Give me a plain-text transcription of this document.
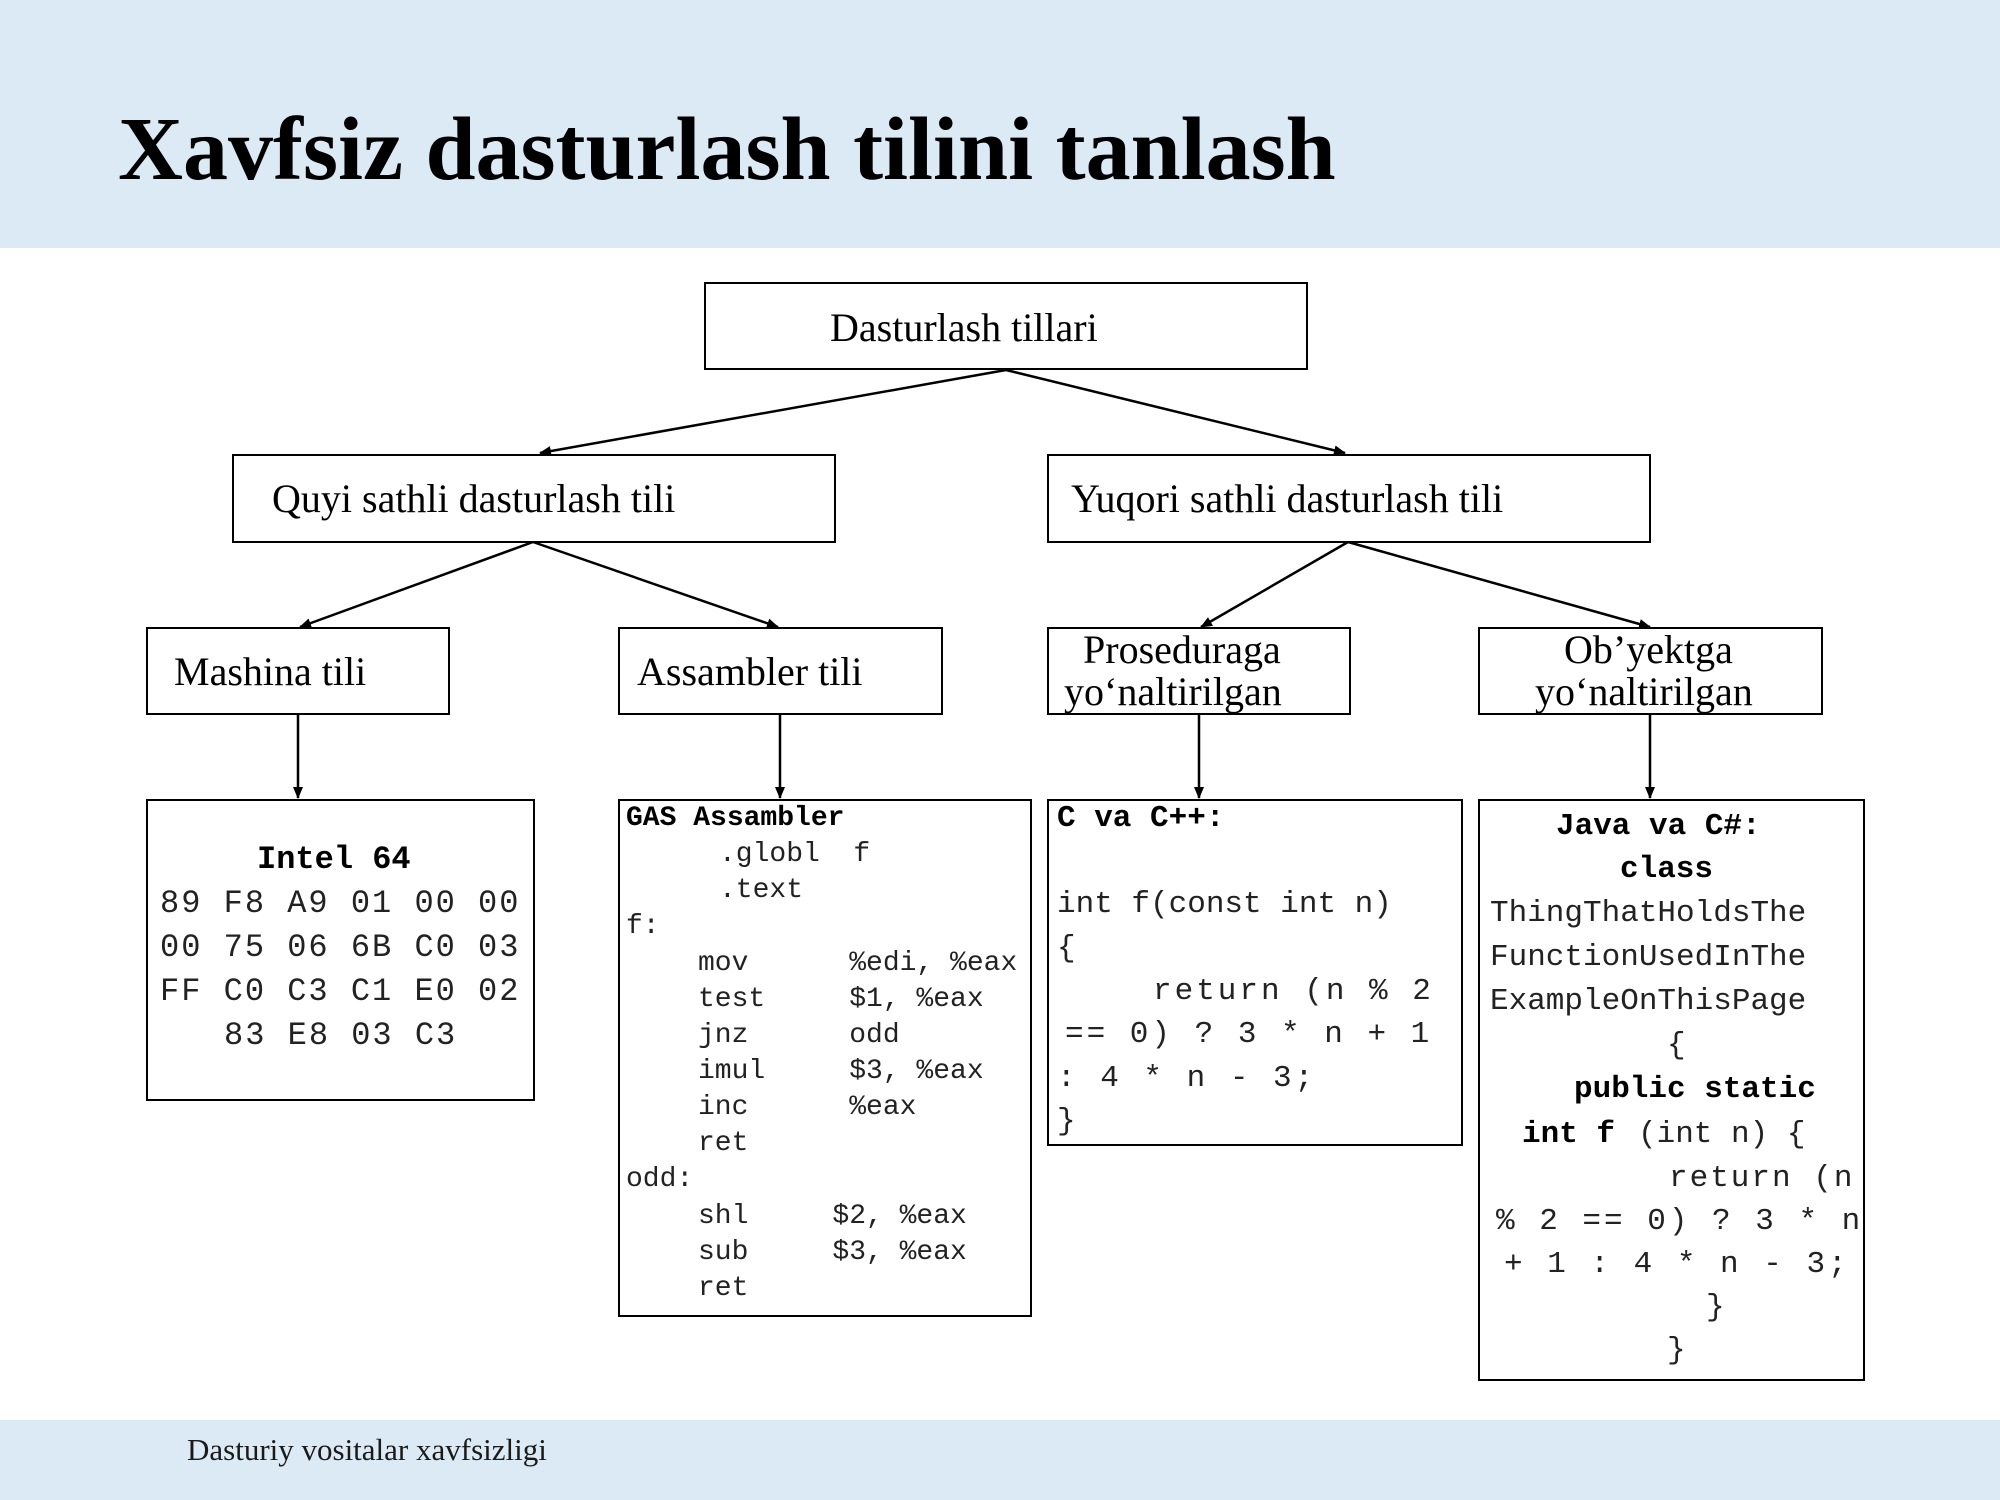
Xavfsiz dasturlash tilini tanlash
Dasturlash tillari
Quyi sathli dasturlash tili	Yuqori sathli dasturlash tili
Mashina tili	Assambler tili	Proseduraga
yo‘naltirilgan
Ob’yektga
yo‘naltirilgan
Intel 64
89 F8 A9 01 00 00
00 75 06 6B C0 03
FF C0 C3 C1 E0 02
83 E8 03 C3
GAS Assambler
.globl  f
.text
f:
mov      %edi, %eax
test     $1, %eax
jnz      odd
imul     $3, %eax
inc      %eax
ret
odd:
shl     $2, %eax
sub     $3, %eax
ret
C va C++:
int f(const int n)
{
return (n % 2
== 0) ? 3 * n + 1
: 4 * n - 3;
}
Java va C#:
class
ThingThatHoldsThe
FunctionUsedInThe
ExampleOnThisPage
{
public static
int f (int n) {
return (n
% 2 == 0) ? 3 * n
+ 1 : 4 * n - 3;
}
}
Dasturiy vositalar xavfsizligi
